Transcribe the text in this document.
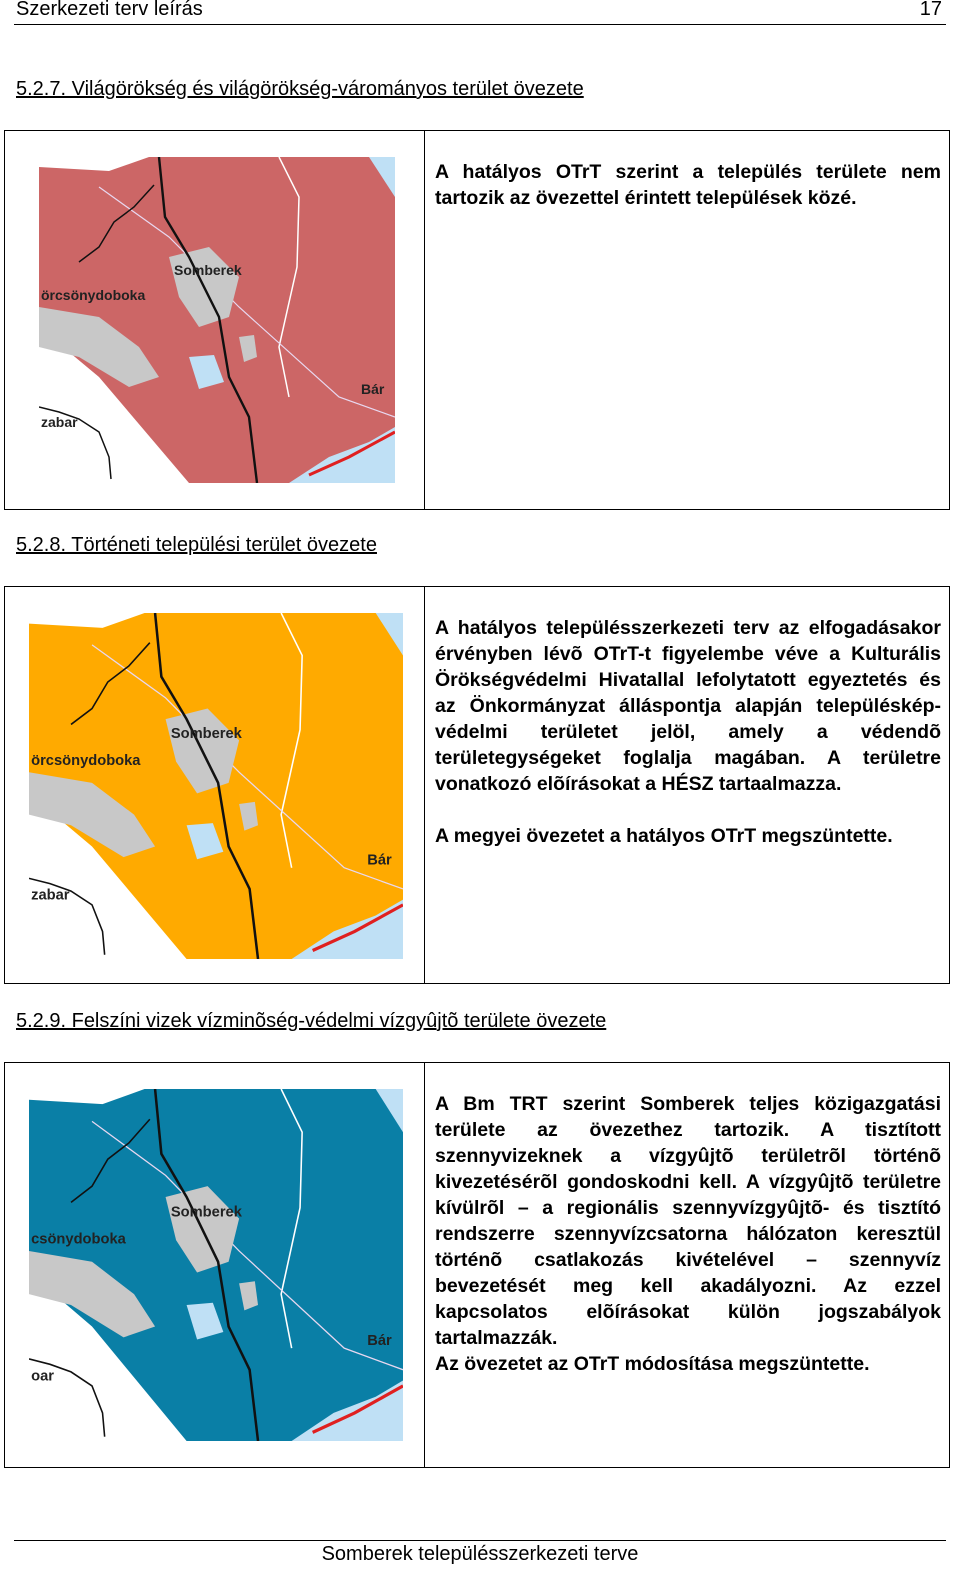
Szerkezeti terv leírás	17
5.2.7. Világörökség és világörökség-várományos terület övezete
Somberek
örcsönydoboka
Bár
zabar

A hatályos OTrT szerint a település területe nem tartozik az övezettel érintett települések közé.

5.2.8. Történeti települési terület övezete
Somberek
örcsönydoboka
Bár
zabar

A hatályos településszerkezeti terv az elfogadásakor érvényben lévõ OTrT-t figyelembe véve a Kulturális Örökségvédelmi Hivatallal lefolytatott egyeztetés és az Önkormányzat álláspontja alapján településkép-védelmi területet jelöl, amely a védendõ területegységeket foglalja magában. A területre vonatkozó elõírásokat a HÉSZ tartaalmazza.

A megyei övezetet a hatályos OTrT megszüntette.

5.2.9. Felszíni vizek vízminõség-védelmi vízgyûjtõ területe övezete
Somberek
csönydoboka
Bár
oar

A Bm TRT szerint Somberek teljes közigazgatási területe az övezethez tartozik. A tisztított szennyvizeknek a vízgyûjtõ területrõl történõ kivezetésérõl gondoskodni kell. A vízgyûjtõ területre kívülrõl – a regionális szennyvízgyûjtõ- és tisztító rendszerre szennyvízcsatorna hálózaton keresztül történõ csatlakozás kivételével – szennyvíz bevezetését meg kell akadályozni. Az ezzel kapcsolatos elõírásokat külön jogszabályok tartalmazzák.

Az övezetet az OTrT módosítása megszüntette.

Somberek településszerkezeti terve
